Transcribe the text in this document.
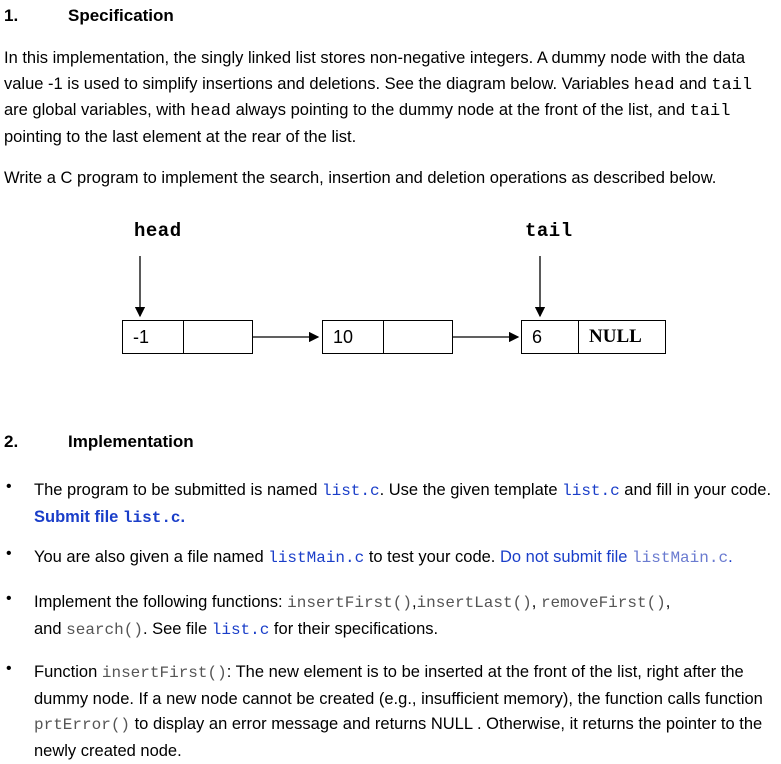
1.	Specification
In this implementation, the singly linked list stores non-negative integers. A dummy node with the data value -1 is used to simplify insertions and deletions. See the diagram below. Variables head and tail are global variables, with head always pointing to the dummy node at the front of the list, and tail pointing to the last element at the rear of the list.
Write a C program to implement the search, insertion and deletion operations as described below.
head	tail
-1	10	6 NULL
2.	Implementation
• The program to be submitted is named list.c. Use the given template list.c and fill in your code. Submit file list.c.
• You are also given a file named listMain.c to test your code. Do not submit file listMain.c.
• Implement the following functions: insertFirst(),insertLast(), removeFirst(),
and search(). See file list.c for their specifications.
• Function insertFirst(): The new element is to be inserted at the front of the list, right after the dummy node. If a new node cannot be created (e.g., insufficient memory), the function calls function prtError() to display an error message and returns NULL . Otherwise, it returns the pointer to the newly created node.
